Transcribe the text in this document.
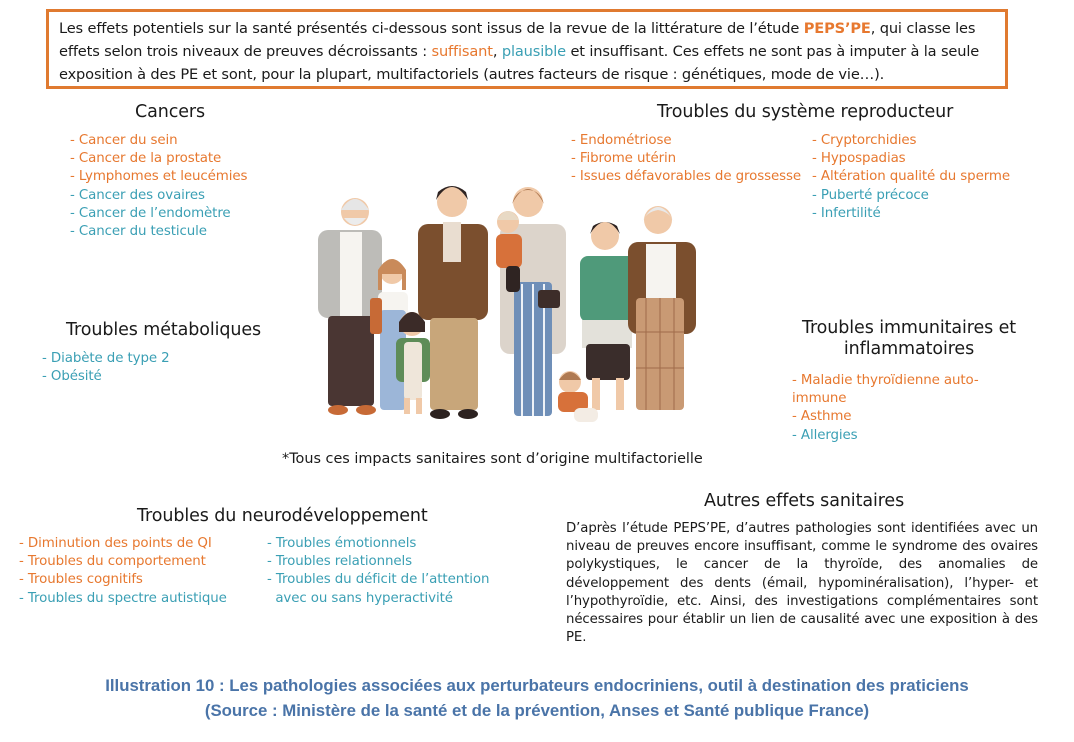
Les effets potentiels sur la santé présentés ci-dessous sont issus de la revue de la littérature de l’étude PEPS’PE, qui classe les effets selon trois niveaux de preuves décroissants : suffisant, plausible et insuffisant. Ces effets ne sont pas à imputer à la seule exposition à des PE et sont, pour la plupart, multifactoriels (autres facteurs de risque : génétiques, mode de vie…).
Cancers
- Cancer du sein
- Cancer de la prostate
- Lymphomes et leucémies
- Cancer des ovaires
- Cancer de l’endomètre
- Cancer du testicule
Troubles du système reproducteur
- Endométriose
- Fibrome utérin
- Issues défavorables de grossesse
- Cryptorchidies
- Hypospadias
- Altération qualité du sperme
- Puberté précoce
- Infertilité
Troubles métaboliques
- Diabète de type 2
- Obésité
Troubles immunitaires et
inflammatoires
- Maladie thyroïdienne auto-
immune
- Asthme
- Allergies
*Tous ces impacts sanitaires sont d’origine multifactorielle
Troubles du neurodéveloppement
- Diminution des points de QI
- Troubles du comportement
- Troubles cognitifs
- Troubles du spectre autistique
- Troubles émotionnels
- Troubles relationnels
- Troubles du déficit de l’attention
avec ou sans hyperactivité
Autres effets sanitaires
D’après l’étude PEPS’PE, d’autres pathologies sont identifiées avec un niveau de preuves encore insuffisant, comme le syndrome des ovaires polykystiques, le cancer de la thyroïde, des anomalies de développement des dents (émail, hypominéralisation), l’hyper- et l’hypothyroïdie, etc. Ainsi, des investigations complémentaires sont nécessaires pour établir un lien de causalité avec une exposition à des PE.
Illustration 10 : Les pathologies associées aux perturbateurs endocriniens, outil à destination des praticiens
(Source : Ministère de la santé et de la prévention, Anses et Santé publique France)
